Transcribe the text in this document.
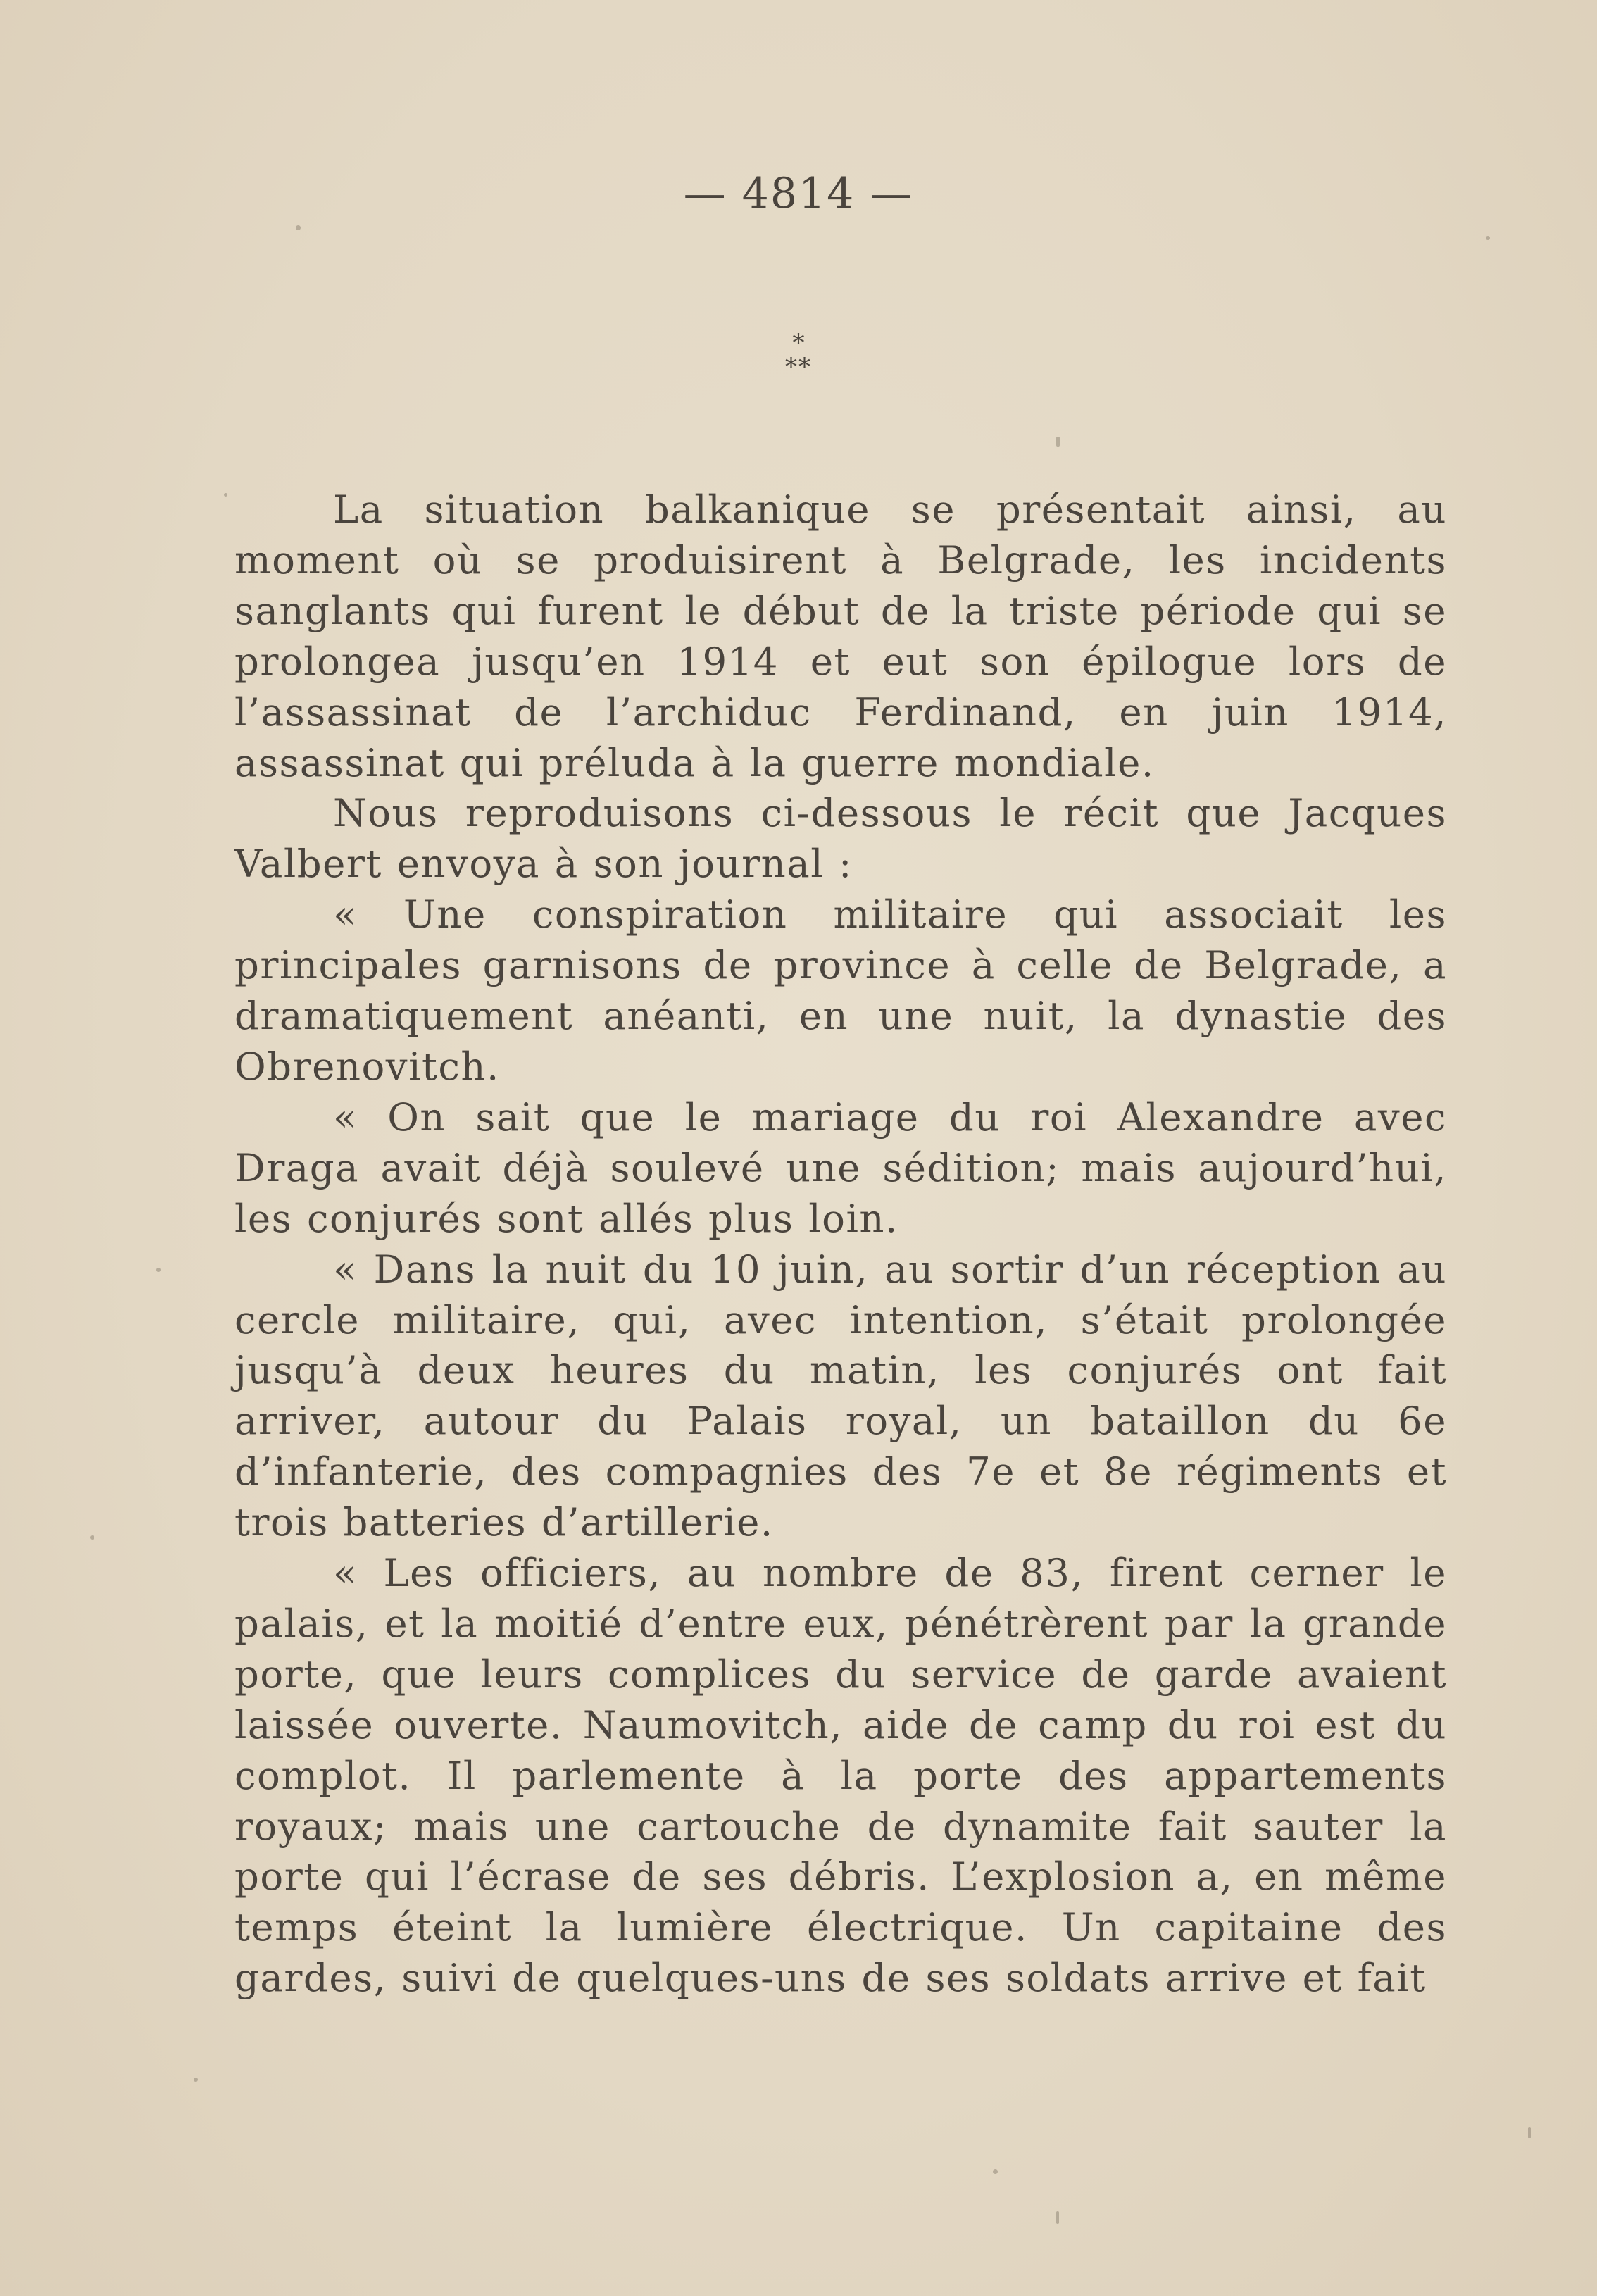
— 4814 —
*
**

La situation balkanique se présentait ainsi, au moment où se produisirent à Belgrade, les incidents sanglants qui furent le début de la triste période qui se prolongea jusqu’en 1914 et eut son épilogue lors de l’assassinat de l’archiduc Ferdinand, en juin 1914, assassinat qui préluda à la guerre mondiale.

Nous reproduisons ci-dessous le récit que Jacques Valbert envoya à son journal :

« Une conspiration militaire qui associait les principales garnisons de province à celle de Belgrade, a dramatiquement anéanti, en une nuit, la dynastie des Obrenovitch.

« On sait que le mariage du roi Alexandre avec Draga avait déjà soulevé une sédition; mais aujourd’hui, les conjurés sont allés plus loin.

« Dans la nuit du 10 juin, au sortir d’un réception au cercle militaire, qui, avec intention, s’était prolongée jusqu’à deux heures du matin, les conjurés ont fait arriver, autour du Palais royal, un bataillon du 6e d’infanterie, des compagnies des 7e et 8e régiments et trois batteries d’artillerie.

« Les officiers, au nombre de 83, firent cerner le palais, et la moitié d’entre eux, pénétrèrent par la grande porte, que leurs complices du service de garde avaient laissée ouverte. Naumovitch, aide de camp du roi est du complot. Il parlemente à la porte des appartements royaux; mais une cartouche de dynamite fait sauter la porte qui l’écrase de ses débris. L’explosion a, en même temps éteint la lumière électrique. Un capitaine des gardes, suivi de quelques-uns de ses soldats arrive et fait
